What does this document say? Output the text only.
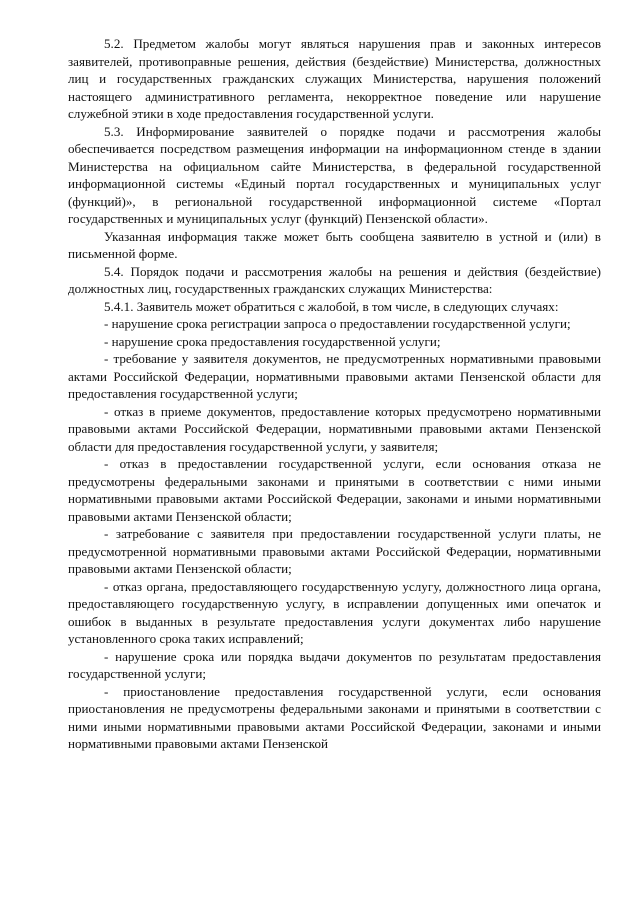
5.2. Предметом жалобы могут являться нарушения прав и законных интересов заявителей, противоправные решения, действия (бездействие) Министерства, должностных лиц и государственных гражданских служащих Министерства, нарушения положений настоящего административного регламента, некорректное поведение или нарушение служебной этики в ходе предоставления государственной услуги.

5.3. Информирование заявителей о порядке подачи и рассмотрения жалобы обеспечивается посредством размещения информации на информационном стенде в здании Министерства на официальном сайте Министерства, в федеральной государственной информационной системы «Единый портал государственных и муниципальных услуг (функций)», в региональной государственной информационной системе «Портал государственных и муниципальных услуг (функций) Пензенской области».

Указанная информация также может быть сообщена заявителю в устной и (или) в письменной форме.

5.4. Порядок подачи и рассмотрения жалобы на решения и действия (бездействие) должностных лиц, государственных гражданских служащих Министерства:

5.4.1. Заявитель может обратиться с жалобой, в том числе, в следующих случаях:

- нарушение срока регистрации запроса о предоставлении государственной услуги;

- нарушение срока предоставления государственной услуги;

- требование у заявителя документов, не предусмотренных нормативными правовыми актами Российской Федерации, нормативными правовыми актами Пензенской области для предоставления государственной услуги;

- отказ в приеме документов, предоставление которых предусмотрено нормативными правовыми актами Российской Федерации, нормативными правовыми актами Пензенской области для предоставления государственной услуги, у заявителя;

- отказ в предоставлении государственной услуги, если основания отказа не предусмотрены федеральными законами и принятыми в соответствии с ними иными нормативными правовыми актами Российской Федерации, законами и иными нормативными правовыми актами Пензенской области;

- затребование с заявителя при предоставлении государственной услуги платы, не предусмотренной нормативными правовыми актами Российской Федерации, нормативными правовыми актами Пензенской области;

- отказ органа, предоставляющего государственную услугу, должностного лица органа, предоставляющего государственную услугу, в исправлении допущенных ими опечаток и ошибок в выданных в результате предоставления услуги документах либо нарушение установленного срока таких исправлений;

- нарушение срока или порядка выдачи документов по результатам предоставления государственной услуги;

- приостановление предоставления государственной услуги, если основания приостановления не предусмотрены федеральными законами и принятыми в соответствии с ними иными нормативными правовыми актами Российской Федерации, законами и иными нормативными правовыми актами Пензенской
